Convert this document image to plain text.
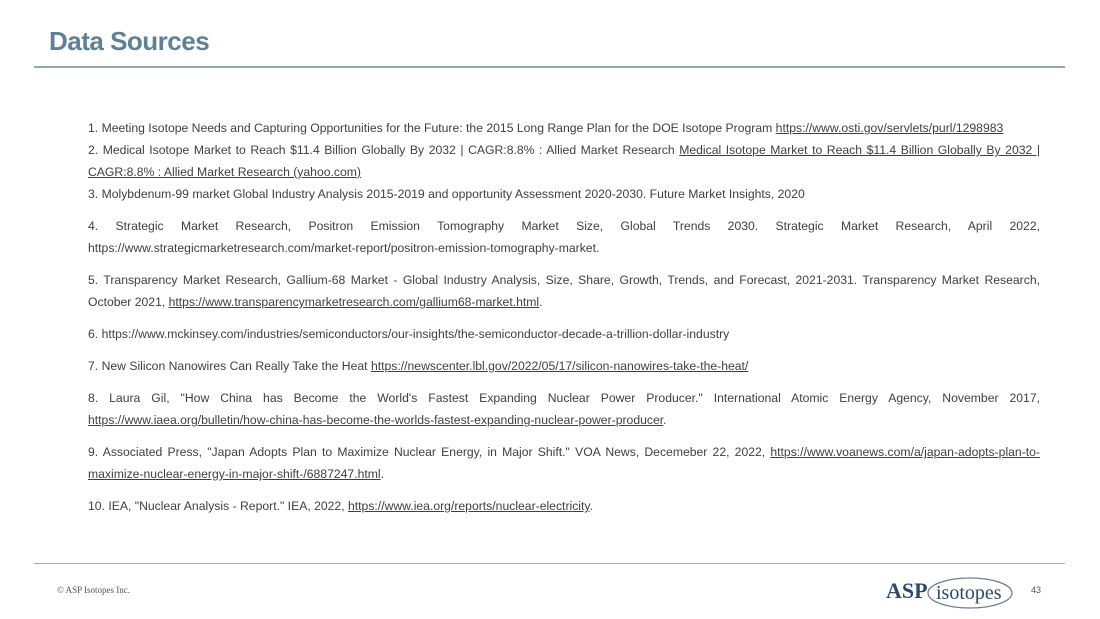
Data Sources

1. Meeting Isotope Needs and Capturing Opportunities for the Future: the 2015 Long Range Plan for the DOE Isotope Program https://www.osti.gov/servlets/purl/1298983

2. Medical Isotope Market to Reach $11.4 Billion Globally By 2032 | CAGR:8.8% : Allied Market Research Medical Isotope Market to Reach $11.4 Billion Globally By 2032 | CAGR:8.8% : Allied Market Research (yahoo.com)

3. Molybdenum-99 market Global Industry Analysis 2015-2019 and opportunity Assessment 2020-2030. Future Market Insights, 2020

4. Strategic Market Research, Positron Emission Tomography Market Size, Global Trends 2030. Strategic Market Research, April 2022, https://www.strategicmarketresearch.com/market-report/positron-emission-tomography-market.

5. Transparency Market Research, Gallium-68 Market - Global Industry Analysis, Size, Share, Growth, Trends, and Forecast, 2021-2031. Transparency Market Research, October 2021, https://www.transparencymarketresearch.com/gallium68-market.html.

6. https://www.mckinsey.com/industries/semiconductors/our-insights/the-semiconductor-decade-a-trillion-dollar-industry

7. New Silicon Nanowires Can Really Take the Heat https://newscenter.lbl.gov/2022/05/17/silicon-nanowires-take-the-heat/

8. Laura Gil, "How China has Become the World's Fastest Expanding Nuclear Power Producer." International Atomic Energy Agency, November 2017, https://www.iaea.org/bulletin/how-china-has-become-the-worlds-fastest-expanding-nuclear-power-producer.

9. Associated Press, "Japan Adopts Plan to Maximize Nuclear Energy, in Major Shift." VOA News, Decemeber 22, 2022, https://www.voanews.com/a/japan-adopts-plan-to-maximize-nuclear-energy-in-major-shift-/6887247.html.

10. IEA, "Nuclear Analysis - Report." IEA, 2022, https://www.iea.org/reports/nuclear-electricity.

© ASP Isotopes Inc.	ASP isotopes	43
